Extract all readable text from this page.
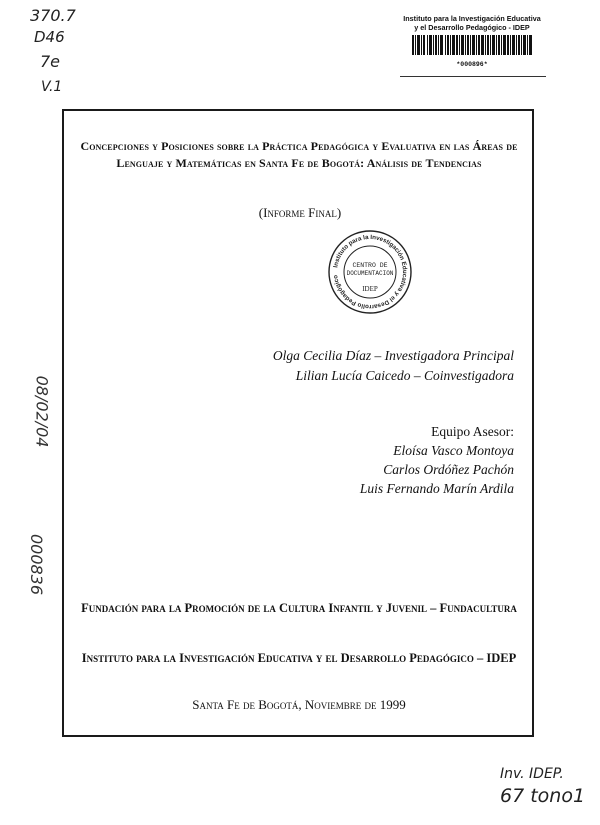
370.7
D46
7e
V.1
08/02/04
000836
Instituto para la Investigación Educativa
y el Desarrollo Pedagógico - IDEP
*000896*
Concepciones y Posiciones sobre la Práctica Pedagógica y Evaluativa en las Áreas de Lenguaje y Matemáticas en Santa Fe de Bogotá: Análisis de Tendencias
(Informe Final)
Instituto para la Investigación Educativa y el Desarrollo Pedagógico
CENTRO DE
DOCUMENTACION
IDEP
Olga Cecilia Díaz – Investigadora Principal
Lilian Lucía Caicedo – Coinvestigadora
Equipo Asesor:
Eloísa Vasco Montoya
Carlos Ordóñez Pachón
Luis Fernando Marín Ardila
Fundación para la Promoción de la Cultura Infantil y Juvenil – Fundacultura
Instituto para la Investigación Educativa y el Desarrollo Pedagógico – IDEP
Santa Fe de Bogotá, Noviembre de 1999
Inv. IDEP.
67 tono1
